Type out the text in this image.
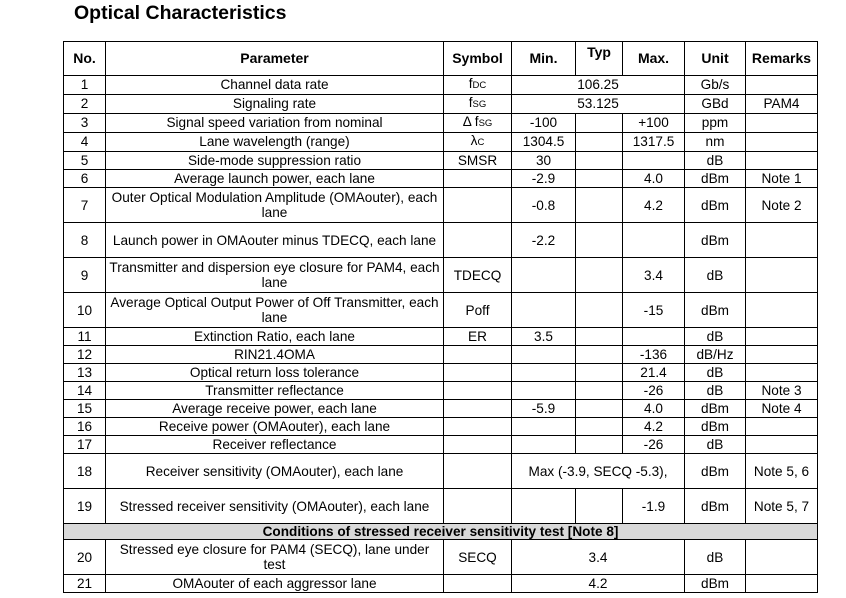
Optical Characteristics
No.	Parameter	Symbol	Min.	Typ	Max.	Unit	Remarks
1	Channel data rate	fDC	106.25			Gb/s	
2	Signaling rate	fSG	53.125			GBd	PAM4
3	Signal speed variation from nominal	Δ fSG	-100		+100	ppm	
4	Lane wavelength (range)	λC	1304.5		1317.5	nm	
5	Side-mode suppression ratio	SMSR	30			dB	
6	Average launch power, each lane		-2.9		4.0	dBm	Note 1
7	Outer Optical Modulation Amplitude (OMAouter), each lane		-0.8		4.2	dBm	Note 2
8	Launch power in OMAouter minus TDECQ, each lane		-2.2			dBm	
9	Transmitter and dispersion eye closure for PAM4, each lane	TDECQ			3.4	dB	
10	Average Optical Output Power of Off Transmitter, each lane	Poff			-15	dBm	
11	Extinction Ratio, each lane	ER	3.5			dB	
12	RIN21.4OMA				-136	dB/Hz	
13	Optical return loss tolerance				21.4	dB	
14	Transmitter reflectance				-26	dB	Note 3
15	Average receive power, each lane		-5.9		4.0	dBm	Note 4
16	Receive power (OMAouter), each lane				4.2	dBm	
17	Receiver reflectance				-26	dB	
18	Receiver sensitivity (OMAouter), each lane		Max (-3.9, SECQ -5.3),			dBm	Note 5, 6
19	Stressed receiver sensitivity (OMAouter), each lane				-1.9	dBm	Note 5, 7
Conditions of stressed receiver sensitivity test [Note 8]							
20	Stressed eye closure for PAM4 (SECQ), lane under test	SECQ	3.4			dB	
21	OMAouter of each aggressor lane		4.2			dBm	
